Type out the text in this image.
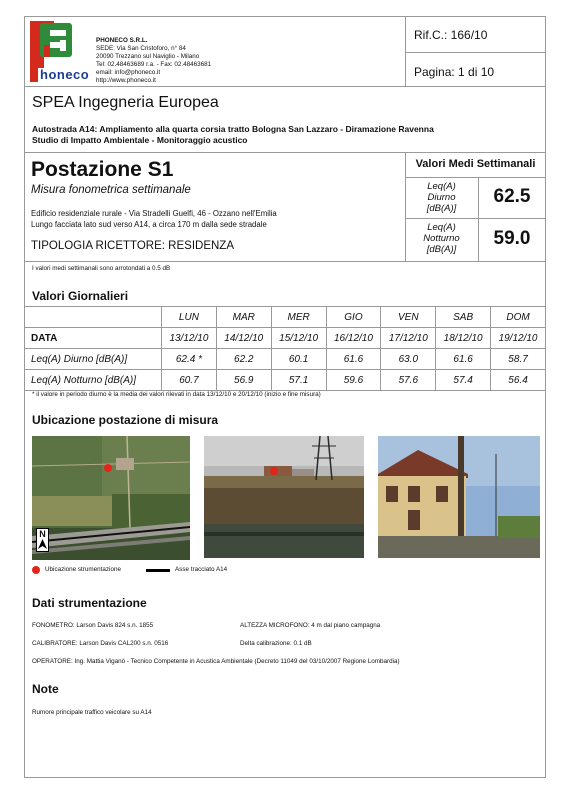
honeco
PHONECO S.R.L.
SEDE: Via San Cristoforo, n° 84
20090 Trezzano sul Naviglio - Milano
Tel: 02.48463689 r.a. - Fax: 02.48463681
email: info@phoneco.it
http://www.phoneco.it
Rif.C.: 166/10
Pagina: 1 di 10
SPEA Ingegneria Europea
Autostrada A14: Ampliamento alla quarta corsia tratto Bologna San Lazzaro - Diramazione Ravenna
Studio di Impatto Ambientale - Monitoraggio acustico
Postazione S1
Misura fonometrica settimanale
Edificio residenziale rurale - Via Stradelli Guelfi, 46 - Ozzano nell'Emilia
Lungo facciata lato sud verso A14, a circa 170 m dalla sede stradale
TIPOLOGIA RICETTORE: RESIDENZA
Valori Medi Settimanali
Leq(A)
Diurno
[dB(A)]
62.5
Leq(A)
Notturno
[dB(A)]
59.0
I valori medi settimanali sono arrotondati a 0.5 dB
Valori Giornalieri
	LUN	MAR	MER	GIO	VEN	SAB	DOM
DATA	13/12/10	14/12/10	15/12/10	16/12/10	17/12/10	18/12/10	19/12/10
Leq(A) Diurno [dB(A)]	62.4 *	62.2	60.1	61.6	63.0	61.6	58.7
Leq(A) Notturno [dB(A)]	60.7	56.9	57.1	59.6	57.6	57.4	56.4
* il valore in periodo diurno è la media dei valori rilevati in data 13/12/10 e 20/12/10 (inizio e fine misura)
Ubicazione postazione di misura
N
Ubicazione strumentazione	Asse tracciato A14
Dati strumentazione
FONOMETRO: Larson Davis 824 s.n. 1855	ALTEZZA MICROFONO: 4 m dal piano campagna
CALIBRATORE: Larson Davis CAL200 s.n. 0516	Delta calibrazione: 0.1 dB
OPERATORE: Ing. Mattia Viganò - Tecnico Competente in Acustica Ambientale (Decreto 11049 del 03/10/2007 Regione Lombardia)
Note
Rumore principale traffico veicolare su A14
